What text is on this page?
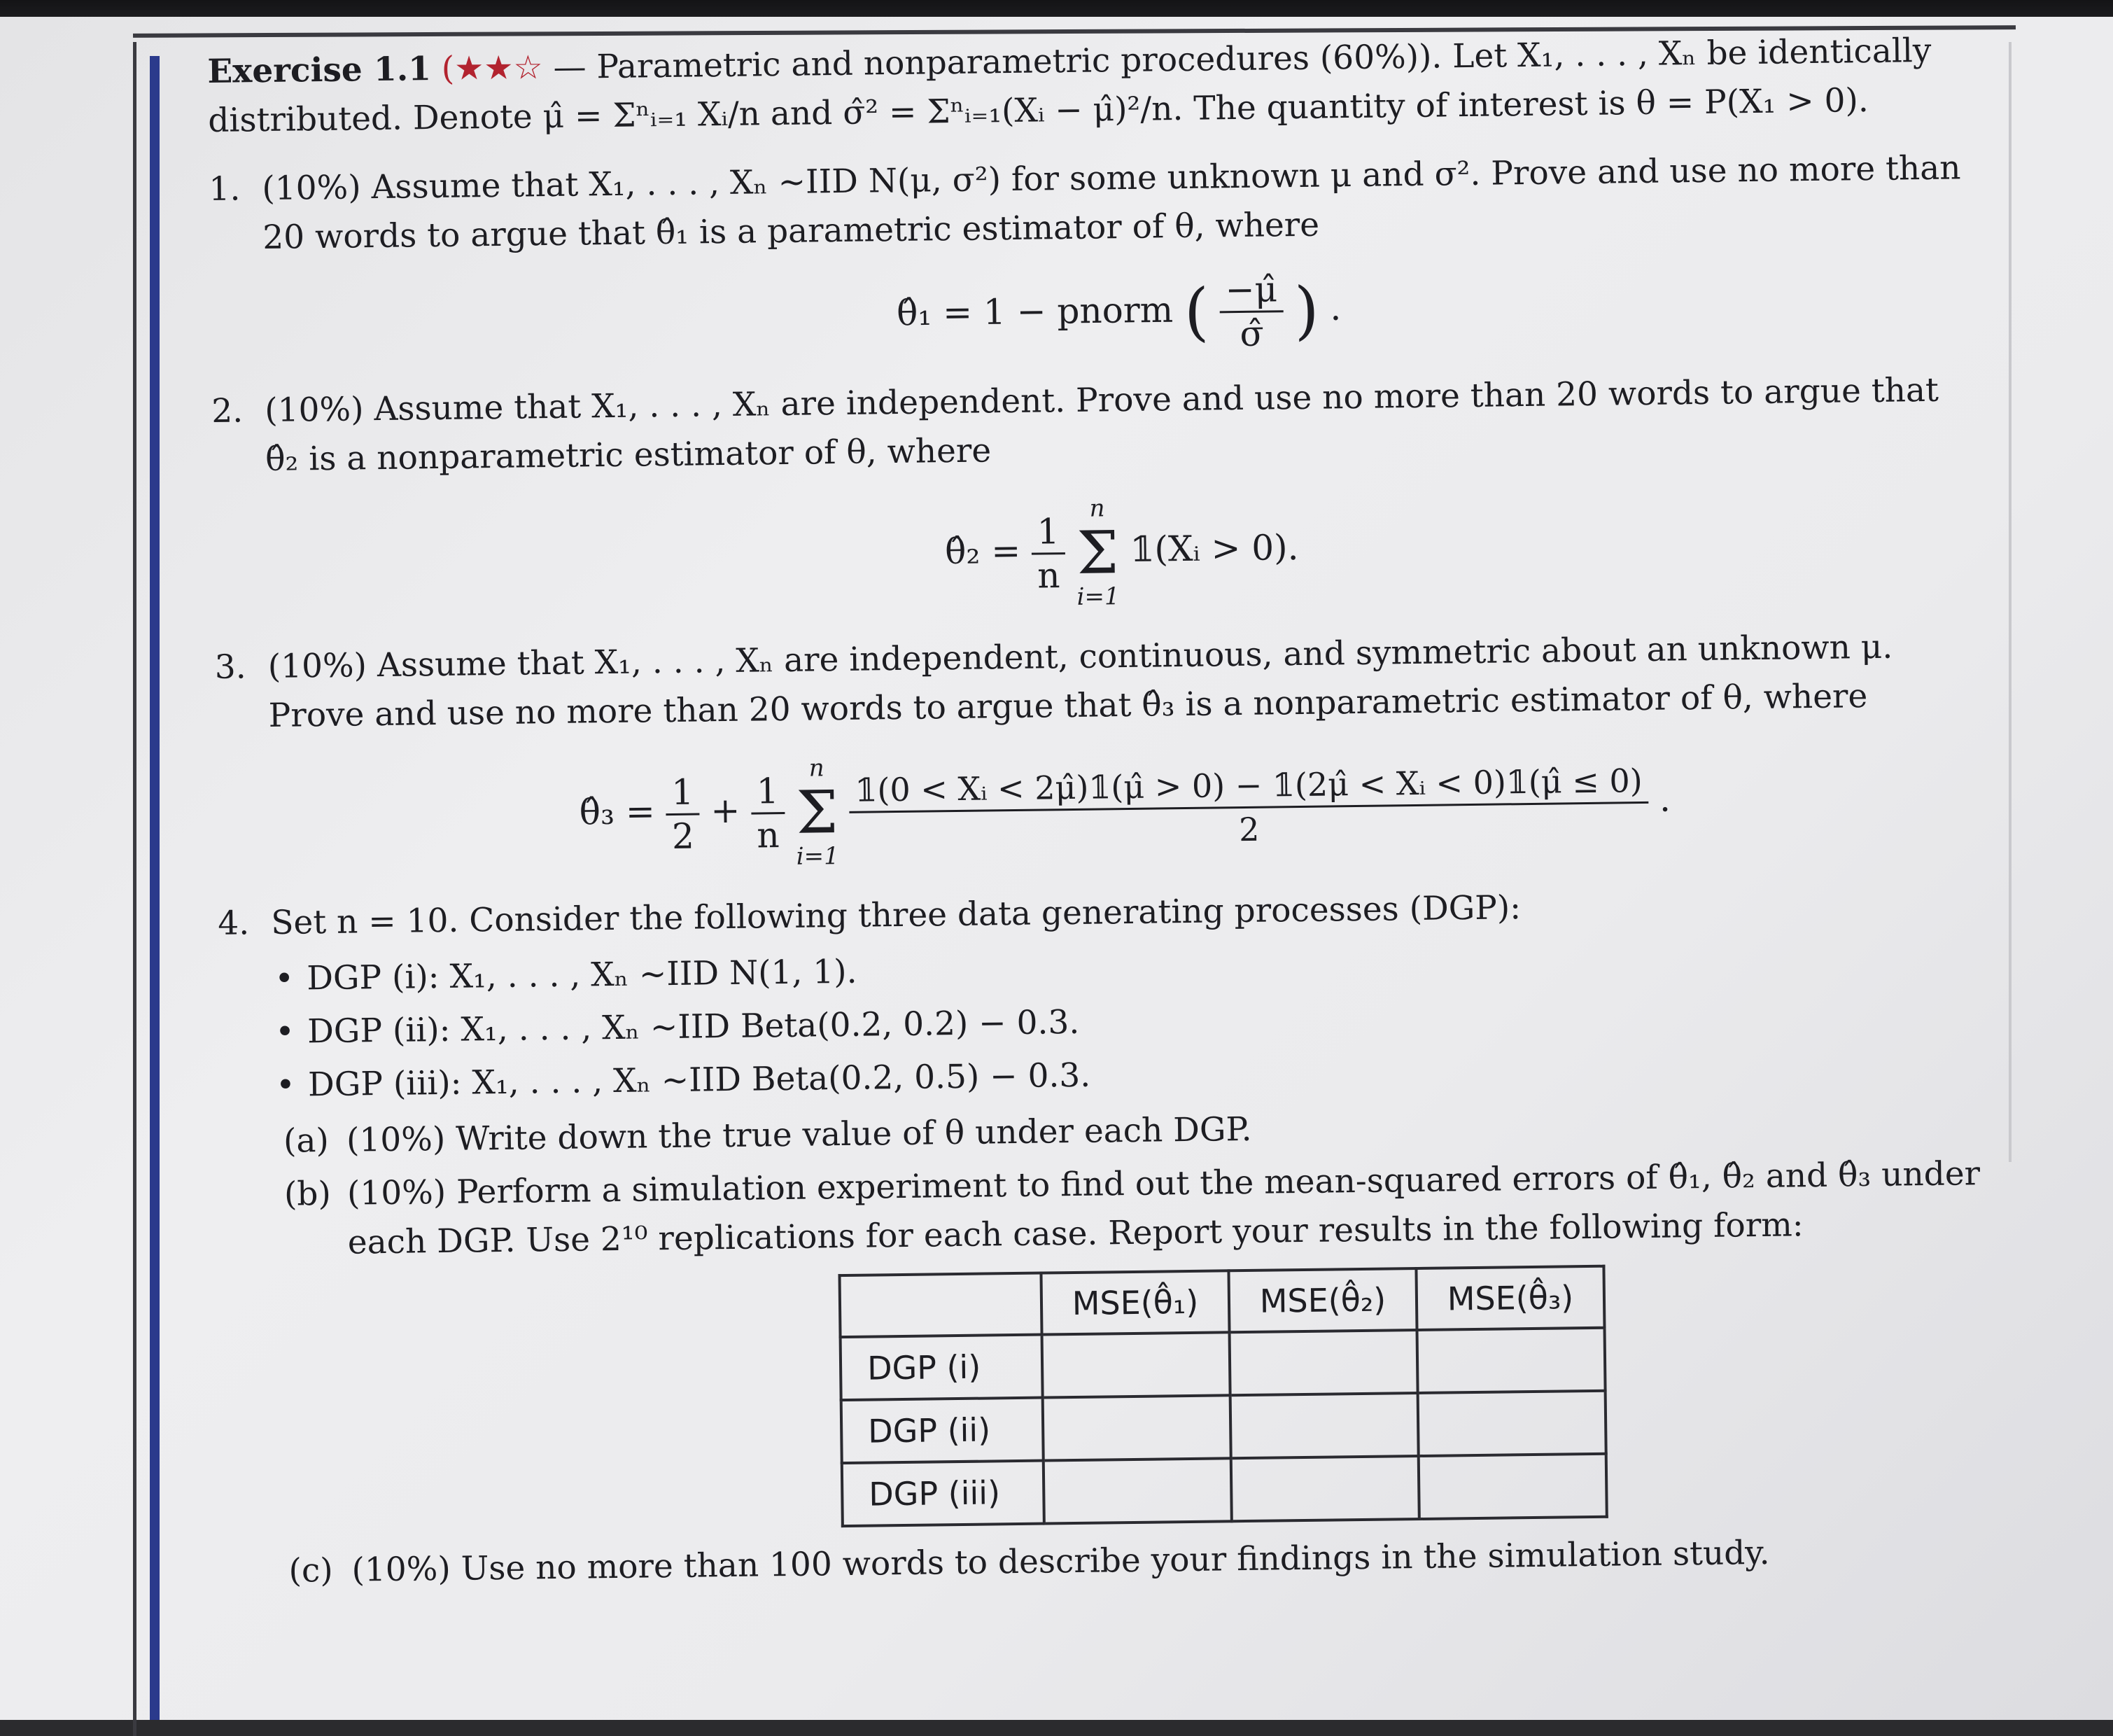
Exercise 1.1 (★★☆ — Parametric and nonparametric procedures (60%)). Let X₁, . . . , Xₙ be identically
distributed. Denote μ̂ = Σⁿᵢ₌₁ Xᵢ/n and σ̂² = Σⁿᵢ₌₁(Xᵢ − μ̂)²/n. The quantity of interest is θ = P(X₁ > 0).
1. (10%) Assume that X₁, . . . , Xₙ ~IID N(μ, σ²) for some unknown μ and σ². Prove and use no more than
20 words to argue that θ̂₁ is a parametric estimator of θ, where
θ̂₁ = 1 − pnorm ( $\frac{-\mû}{\sigmâ}$ ) .
2. (10%) Assume that X₁, . . . , Xₙ are independent. Prove and use no more than 20 words to argue that
θ̂₂ is a nonparametric estimator of θ, where
θ̂₂ = $\frac{1}{n}$

n
Σ
i=1
𝟙(Xᵢ > 0).
3. (10%) Assume that X₁, . . . , Xₙ are independent, continuous, and symmetric about an unknown μ.
Prove and use no more than 20 words to argue that θ̂₃ is a nonparametric estimator of θ, where
θ̂₃ = $\frac{1}{2} + \frac{1}{n}$

n
Σ
i=1

$\frac{\text{𝟙(0 < Xᵢ < 2μ̂)𝟙(μ̂ > 0) − 𝟙(2μ̂ < Xᵢ < 0)𝟙(μ̂ ≤ 0)}}{2}$ .
4. Set n = 10. Consider the following three data generating processes (DGP):
• DGP (i): X₁, . . . , Xₙ ~IID N(1, 1).
• DGP (ii): X₁, . . . , Xₙ ~IID Beta(0.2, 0.2) − 0.3.
• DGP (iii): X₁, . . . , Xₙ ~IID Beta(0.2, 0.5) − 0.3.
(a) (10%) Write down the true value of θ under each DGP.
(b) (10%) Perform a simulation experiment to find out the mean-squared errors of θ̂₁, θ̂₂ and θ̂₃ under
each DGP. Use 2¹⁰ replications for each case. Report your results in the following form:
	MSE(θ̂₁)	MSE(θ̂₂)	MSE(θ̂₃)
DGP (i)			
DGP (ii)			
DGP (iii)			
(c) (10%) Use no more than 100 words to describe your findings in the simulation study.
